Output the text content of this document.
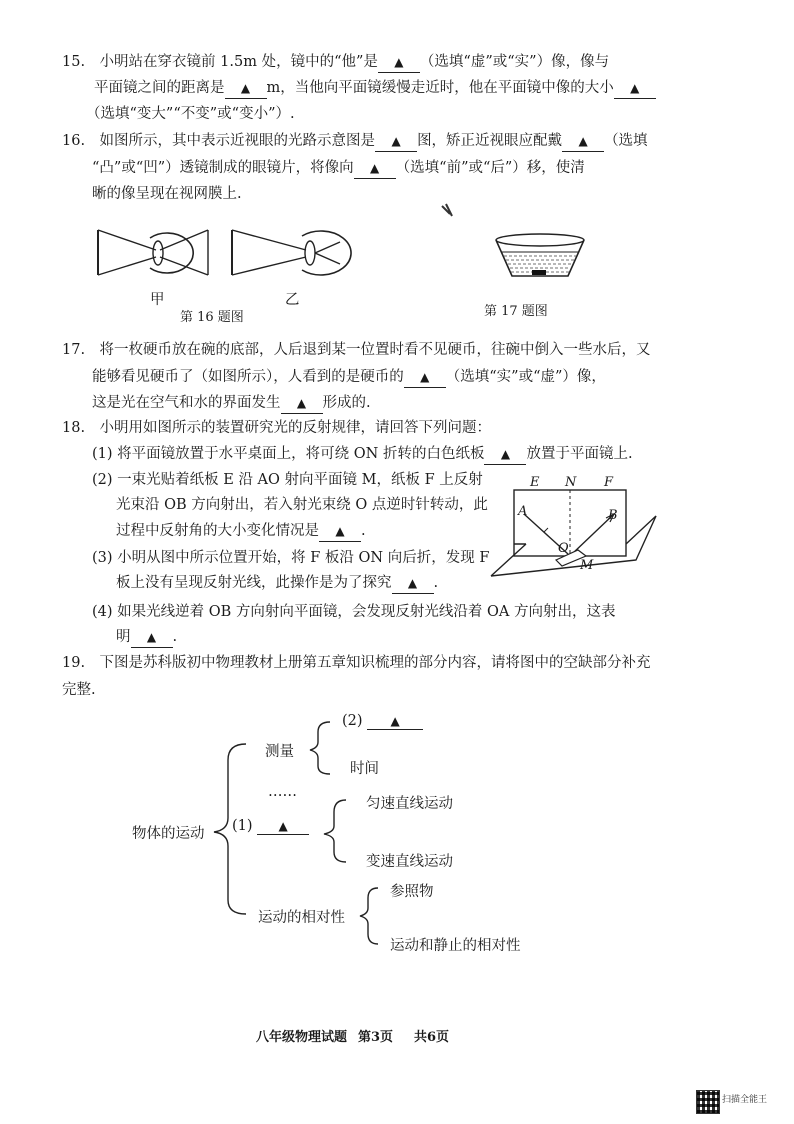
15.　小明站在穿衣镜前 1.5m 处，镜中的“他”是 ▲ （选填“虚”或“实”）像，像与
平面镜之间的距离是 ▲ m，当他向平面镜缓慢走近时，他在平面镜中像的大小 ▲
（选填“变大”“不变”或“变小”）.
16.　如图所示，其中表示近视眼的光路示意图是 ▲ 图，矫正近视眼应配戴 ▲ （选填
“凸”或“凹”）透镜制成的眼镜片，将像向 ▲ （选填“前”或“后”）移，使清
晰的像呈现在视网膜上.
甲	乙
第 16 题图	第 17 题图
17.　将一枚硬币放在碗的底部，人后退到某一位置时看不见硬币，往碗中倒入一些水后，又
能够看见硬币了（如图所示），人看到的是硬币的 ▲ （选填“实”或“虚”）像，
这是光在空气和水的界面发生 ▲ 形成的.
18.　小明用如图所示的装置研究光的反射规律，请回答下列问题：
(1) 将平面镜放置于水平桌面上，将可绕 ON 折转的白色纸板 ▲ 放置于平面镜上.
(2) 一束光贴着纸板 E 沿 AO 射向平面镜 M，纸板 F 上反射
光束沿 OB 方向射出，若入射光束绕 O 点逆时针转动，此
过程中反射角的大小变化情况是 ▲ .
(3) 小明从图中所示位置开始，将 F 板沿 ON 向后折，发现 F
板上没有呈现反射光线，此操作是为了探究 ▲ .
(4) 如果光线逆着 OB 方向射向平面镜，会发现反射光线沿着 OA 方向射出，这表
明 ▲ .
E N F
A	B
O
M
19.　下图是苏科版初中物理教材上册第五章知识梳理的部分内容，请将图中的空缺部分补充
完整.
物体的运动
测量
(2) ▲
时间
……
(1) ▲
匀速直线运动
变速直线运动
运动的相对性
参照物
运动和静止的相对性
八年级物理试题 第3页 共6页
扫描全能王
